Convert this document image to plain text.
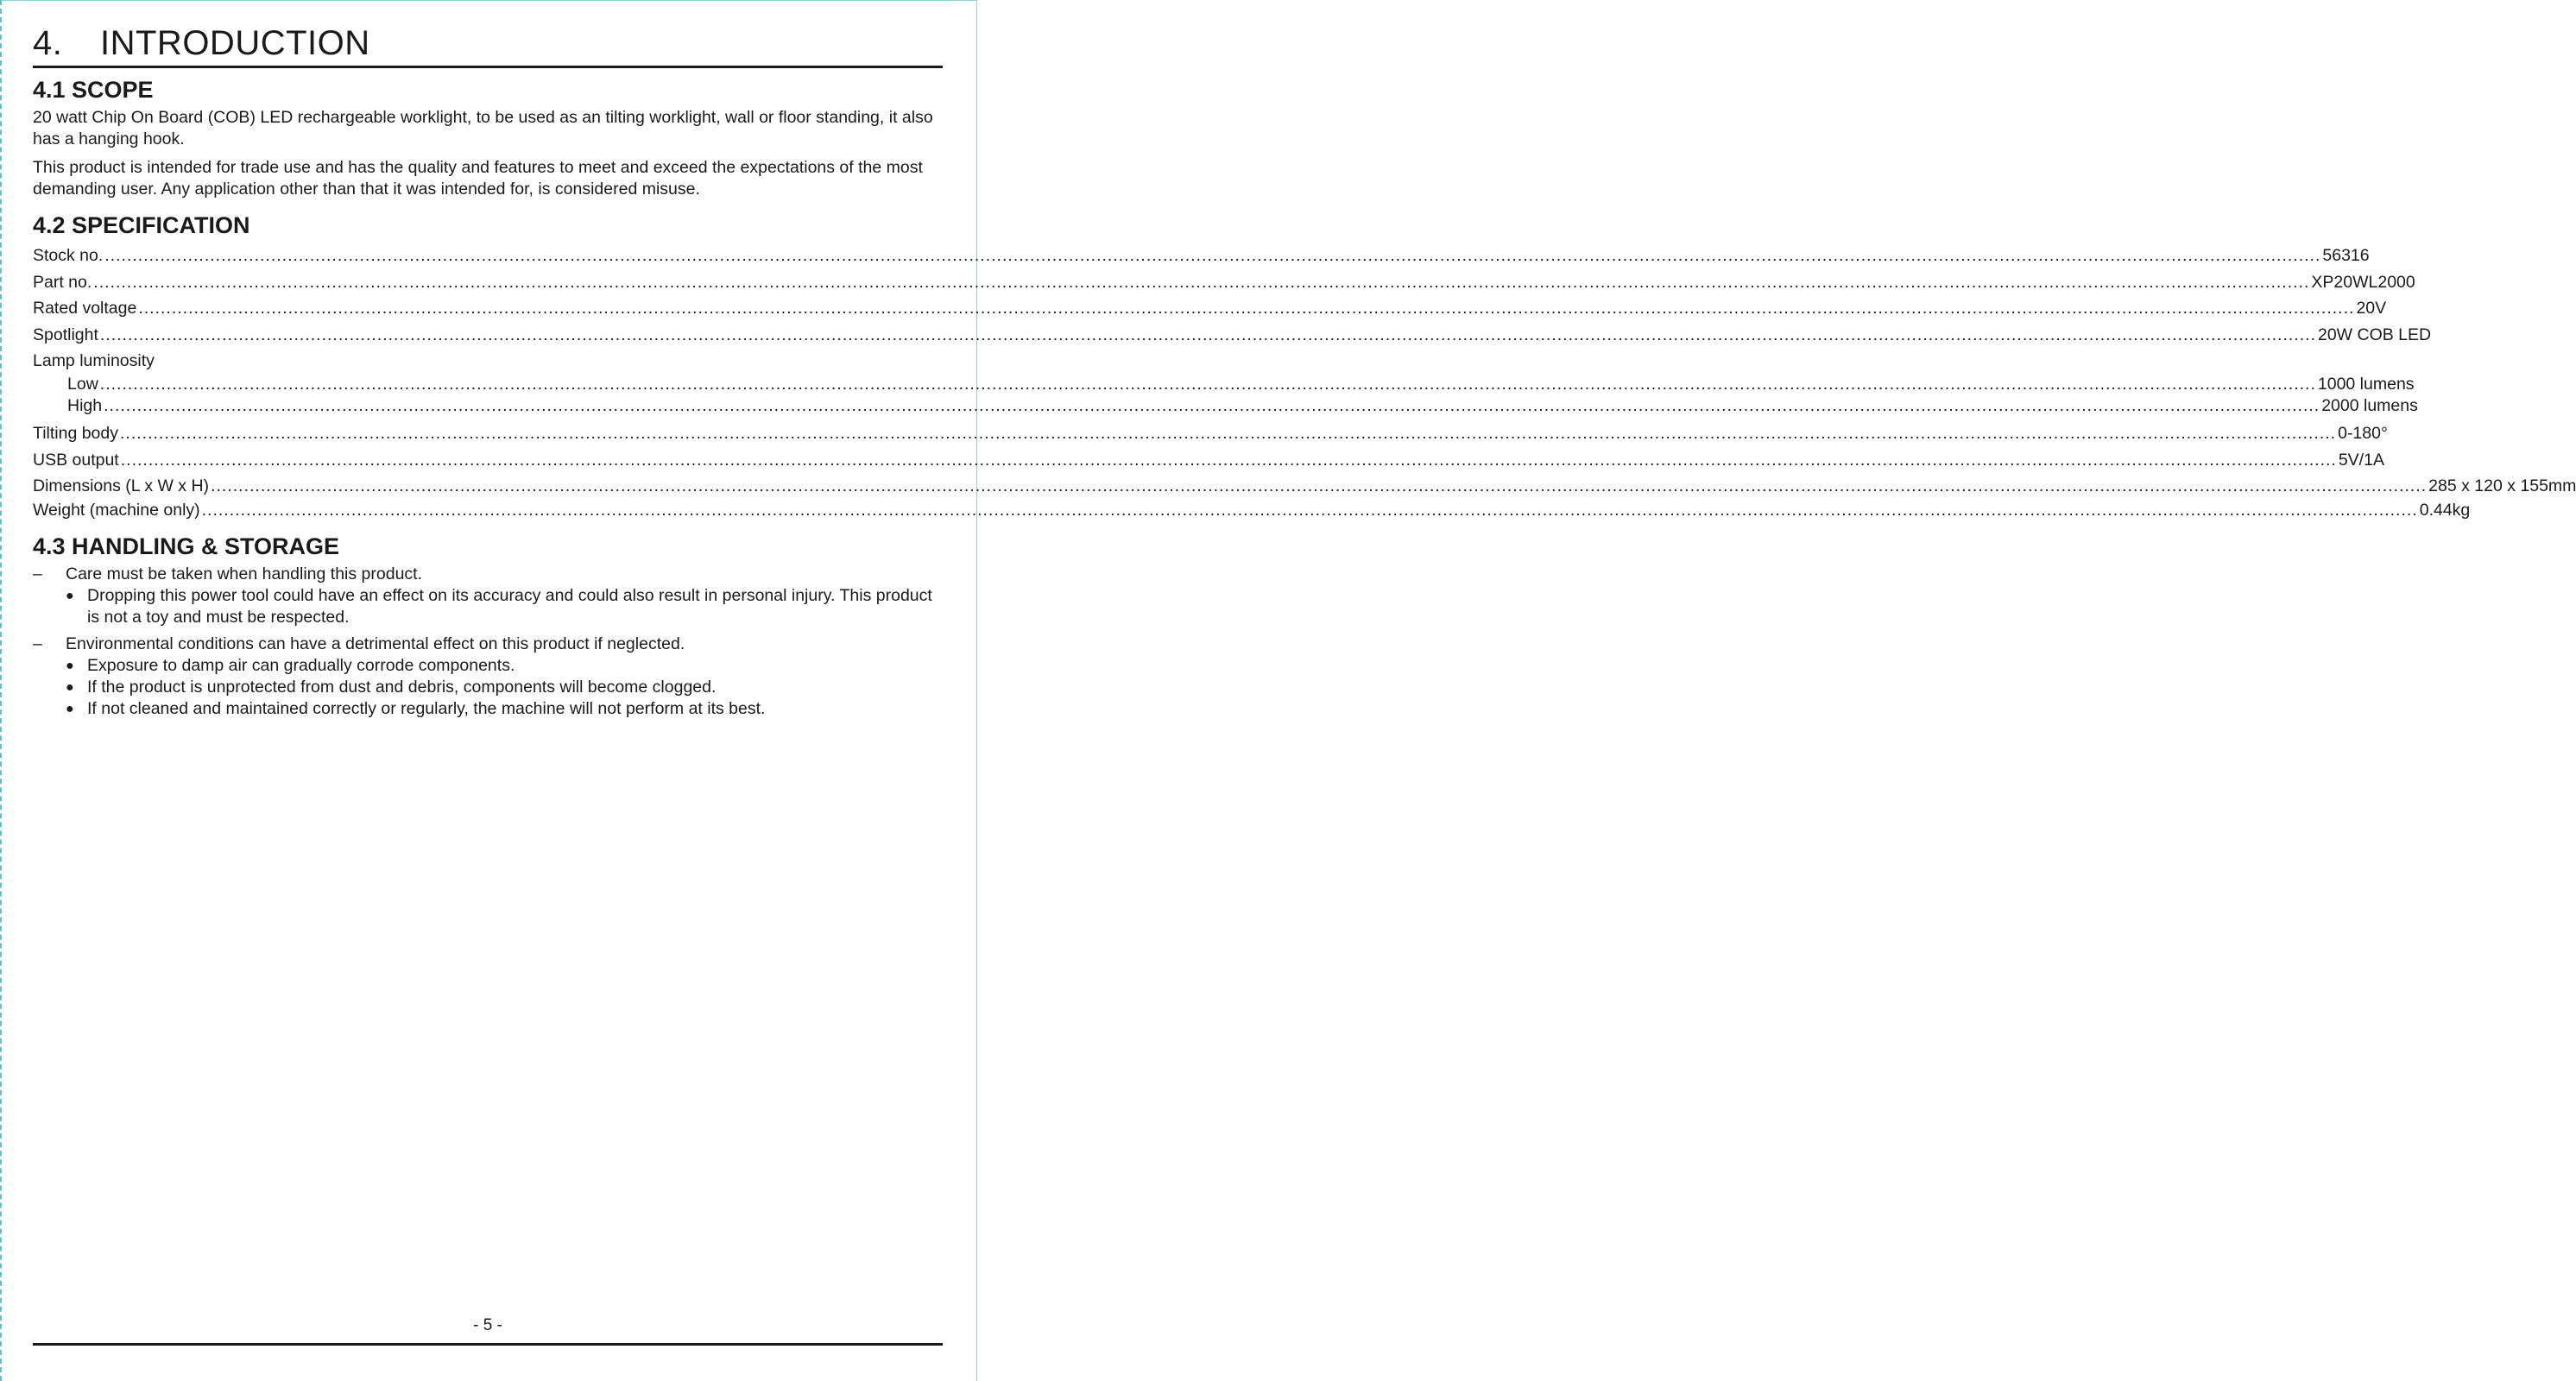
4. INTRODUCTION
4.1 SCOPE

20 watt Chip On Board (COB) LED rechargeable worklight, to be used as an tilting worklight, wall or floor standing, it also has a hanging hook.

This product is intended for trade use and has the quality and features to meet and exceed the expectations of the most demanding user. Any application other than that it was intended for, is considered misuse.

4.2 SPECIFICATION
Stock no. ................................................................................................................................................................................................................................................................................................................................................................................................................ 56316
Part no. ................................................................................................................................................................................................................................................................................................................................................................................................................ XP20WL2000
Rated voltage ................................................................................................................................................................................................................................................................................................................................................................................................................ 20V
Spotlight ................................................................................................................................................................................................................................................................................................................................................................................................................ 20W COB LED
Lamp luminosity
Low ................................................................................................................................................................................................................................................................................................................................................................................................................ 1000 lumens
High ................................................................................................................................................................................................................................................................................................................................................................................................................ 2000 lumens
Tilting body ................................................................................................................................................................................................................................................................................................................................................................................................................ 0-180°
USB output ................................................................................................................................................................................................................................................................................................................................................................................................................ 5V/1A
Dimensions (L x W x H) ................................................................................................................................................................................................................................................................................................................................................................................................................ 285 x 120 x 155mm
Weight (machine only) ................................................................................................................................................................................................................................................................................................................................................................................................................ 0.44kg
4.3 HANDLING & STORAGE
– Care must be taken when handling this product.
● Dropping this power tool could have an effect on its accuracy and could also result in personal injury. This product is not a toy and must be respected.
– Environmental conditions can have a detrimental effect on this product if neglected.
● Exposure to damp air can gradually corrode components.
● If the product is unprotected from dust and debris, components will become clogged.
● If not cleaned and maintained correctly or regularly, the machine will not perform at its best.
- 5 -
